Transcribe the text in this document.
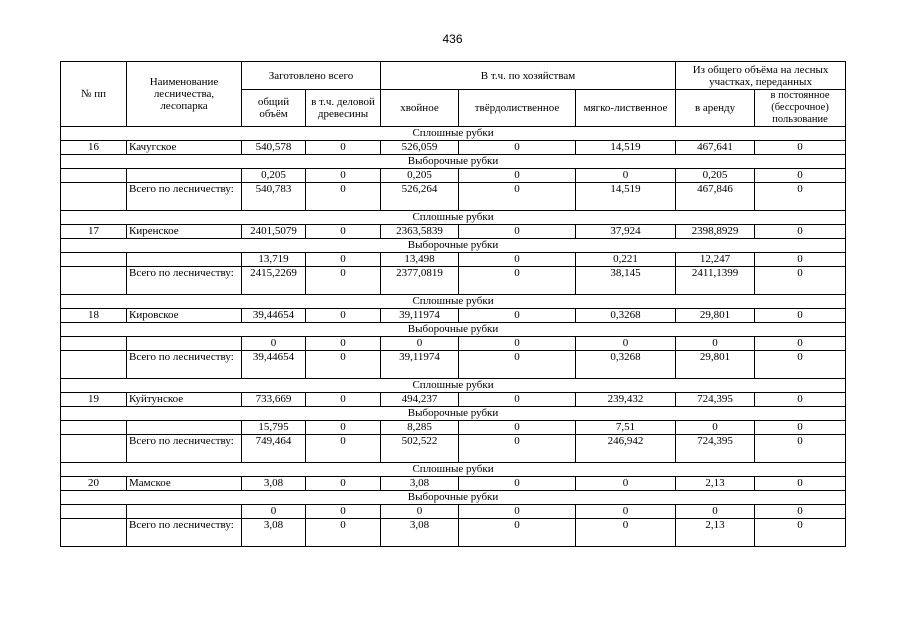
436
№ пп	Наименование лесничества, лесопарка	Заготовлено всего		В т.ч. по хозяйствам			Из общего объёма на лесных участках, переданных	
		общий объём	в т.ч. деловой древесины	хвойное	твёрдолиственное	мягко-лиственное	в аренду	в постоянное (бессрочное) пользование
Сплошные рубки								
16	Качугское	540,578	0	526,059	0	14,519	467,641	0
Выборочные рубки								
		0,205	0	0,205	0	0	0,205	0
	Всего по лесничеству:	540,783	0	526,264	0	14,519	467,846	0
Сплошные рубки								
17	Киренское	2401,5079	0	2363,5839	0	37,924	2398,8929	0
Выборочные рубки								
		13,719	0	13,498	0	0,221	12,247	0
	Всего по лесничеству:	2415,2269	0	2377,0819	0	38,145	2411,1399	0
Сплошные рубки								
18	Кировское	39,44654	0	39,11974	0	0,3268	29,801	0
Выборочные рубки								
		0	0	0	0	0	0	0
	Всего по лесничеству:	39,44654	0	39,11974	0	0,3268	29,801	0
Сплошные рубки								
19	Куйтунское	733,669	0	494,237	0	239,432	724,395	0
Выборочные рубки								
		15,795	0	8,285	0	7,51	0	0
	Всего по лесничеству:	749,464	0	502,522	0	246,942	724,395	0
Сплошные рубки								
20	Мамское	3,08	0	3,08	0	0	2,13	0
Выборочные рубки								
		0	0	0	0	0	0	0
	Всего по лесничеству:	3,08	0	3,08	0	0	2,13	0
